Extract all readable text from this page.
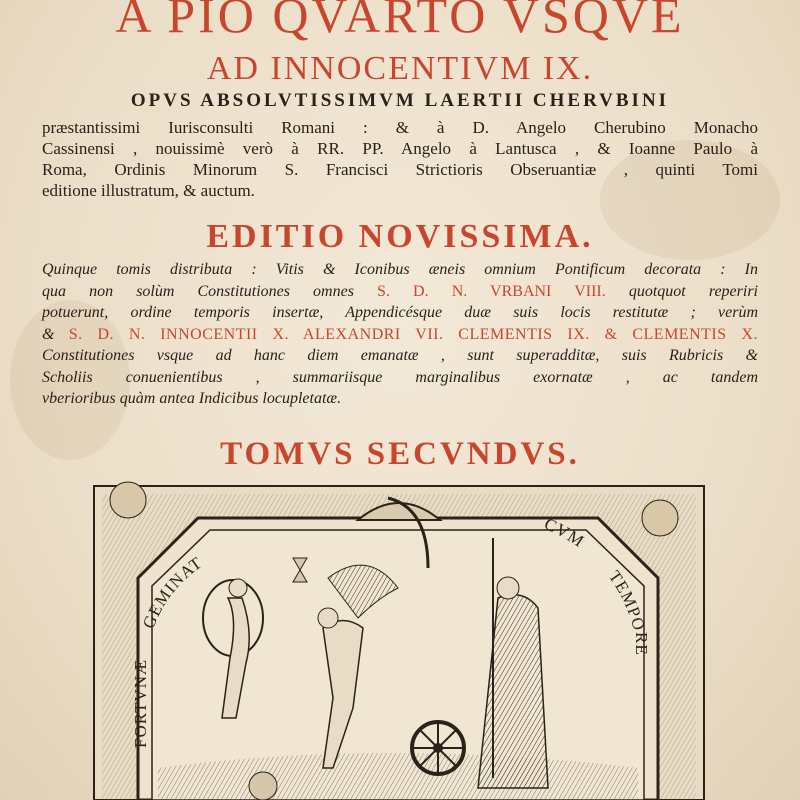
A PIO QVARTO VSQVE
AD INNOCENTIVM IX.
OPVS ABSOLVTISSIMVM LAERTII CHERVBINI
præstantissimi Iurisconsulti Romani : & à D. Angelo Cherubino Monacho
Cassinensi , nouissimè verò à RR. PP. Angelo à Lantusca , & Ioanne Paulo à
Roma, Ordinis Minorum S. Francisci Strictioris Obseruantiæ , quinti Tomi
editione illustratum, & auctum.
EDITIO NOVISSIMA.
Quinque tomis distributa : Vitis & Iconibus æneis omnium Pontificum decorata : In
qua non solùm Constitutiones omnes S. D. N. VRBANI VIII. quotquot reperiri
potuerunt, ordine temporis insertæ, Appendicésque duæ suis locis restitutæ ; verùm
& S. D. N. INNOCENTII X. ALEXANDRI VII. CLEMENTIS IX. & CLEMENTIS X.
Constitutiones vsque ad hanc diem emanatæ , sunt superadditæ, suis Rubricis &
Scholiis conuenientibus , summariisque marginalibus exornatæ , ac tandem
vberioribus quàm antea Indicibus locupletatæ.
TOMVS SECVNDVS.
FORTVNÆGEMINAT
CVMTEMPORE
